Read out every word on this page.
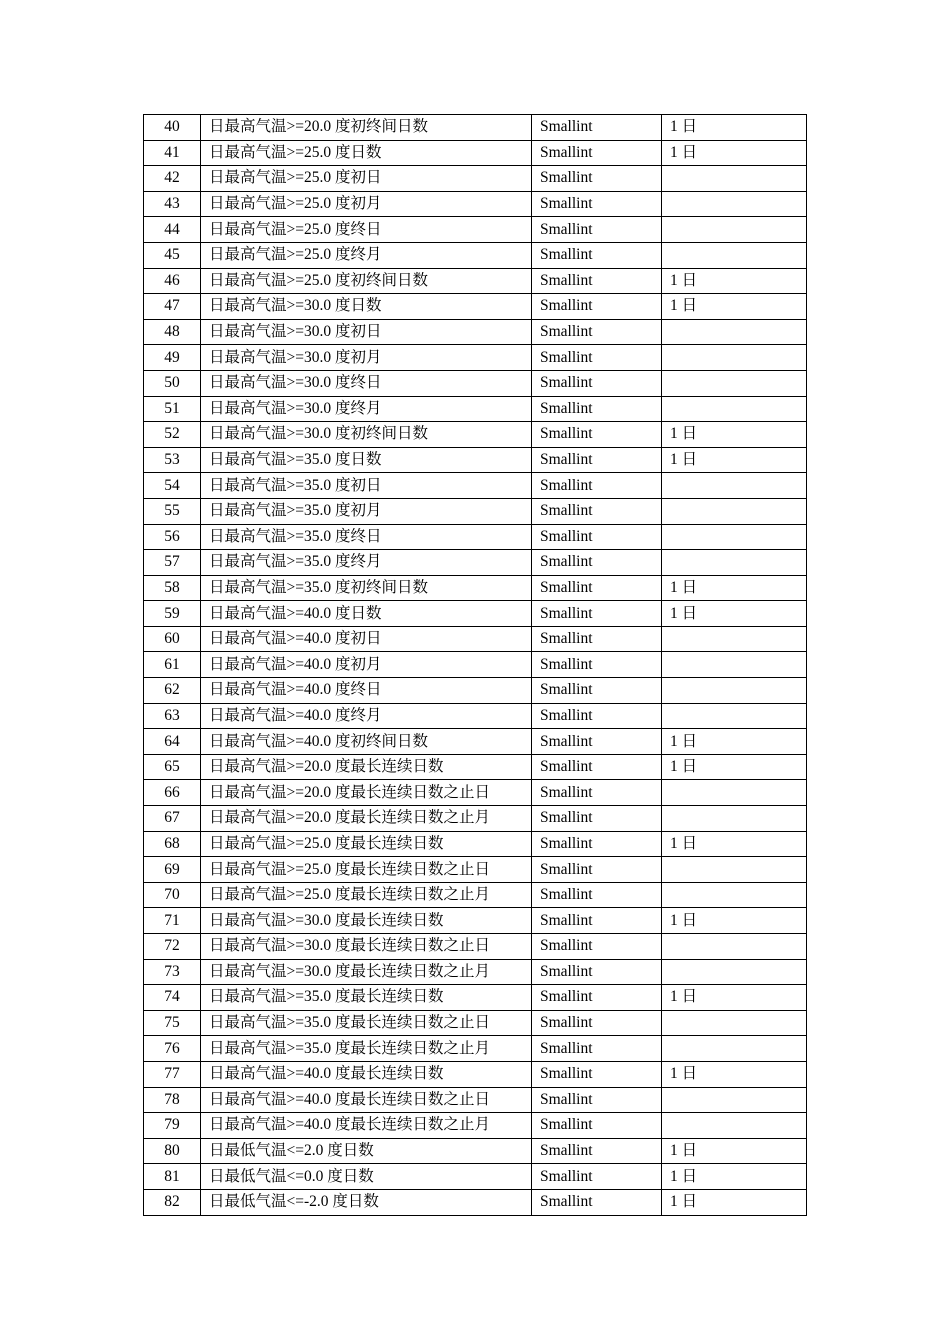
40	日最高气温>=20.0 度初终间日数	Smallint	1 日
41	日最高气温>=25.0 度日数	Smallint	1 日
42	日最高气温>=25.0 度初日	Smallint	
43	日最高气温>=25.0 度初月	Smallint	
44	日最高气温>=25.0 度终日	Smallint	
45	日最高气温>=25.0 度终月	Smallint	
46	日最高气温>=25.0 度初终间日数	Smallint	1 日
47	日最高气温>=30.0 度日数	Smallint	1 日
48	日最高气温>=30.0 度初日	Smallint	
49	日最高气温>=30.0 度初月	Smallint	
50	日最高气温>=30.0 度终日	Smallint	
51	日最高气温>=30.0 度终月	Smallint	
52	日最高气温>=30.0 度初终间日数	Smallint	1 日
53	日最高气温>=35.0 度日数	Smallint	1 日
54	日最高气温>=35.0 度初日	Smallint	
55	日最高气温>=35.0 度初月	Smallint	
56	日最高气温>=35.0 度终日	Smallint	
57	日最高气温>=35.0 度终月	Smallint	
58	日最高气温>=35.0 度初终间日数	Smallint	1 日
59	日最高气温>=40.0 度日数	Smallint	1 日
60	日最高气温>=40.0 度初日	Smallint	
61	日最高气温>=40.0 度初月	Smallint	
62	日最高气温>=40.0 度终日	Smallint	
63	日最高气温>=40.0 度终月	Smallint	
64	日最高气温>=40.0 度初终间日数	Smallint	1 日
65	日最高气温>=20.0 度最长连续日数	Smallint	1 日
66	日最高气温>=20.0 度最长连续日数之止日	Smallint	
67	日最高气温>=20.0 度最长连续日数之止月	Smallint	
68	日最高气温>=25.0 度最长连续日数	Smallint	1 日
69	日最高气温>=25.0 度最长连续日数之止日	Smallint	
70	日最高气温>=25.0 度最长连续日数之止月	Smallint	
71	日最高气温>=30.0 度最长连续日数	Smallint	1 日
72	日最高气温>=30.0 度最长连续日数之止日	Smallint	
73	日最高气温>=30.0 度最长连续日数之止月	Smallint	
74	日最高气温>=35.0 度最长连续日数	Smallint	1 日
75	日最高气温>=35.0 度最长连续日数之止日	Smallint	
76	日最高气温>=35.0 度最长连续日数之止月	Smallint	
77	日最高气温>=40.0 度最长连续日数	Smallint	1 日
78	日最高气温>=40.0 度最长连续日数之止日	Smallint	
79	日最高气温>=40.0 度最长连续日数之止月	Smallint	
80	日最低气温<=2.0 度日数	Smallint	1 日
81	日最低气温<=0.0 度日数	Smallint	1 日
82	日最低气温<=-2.0 度日数	Smallint	1 日
